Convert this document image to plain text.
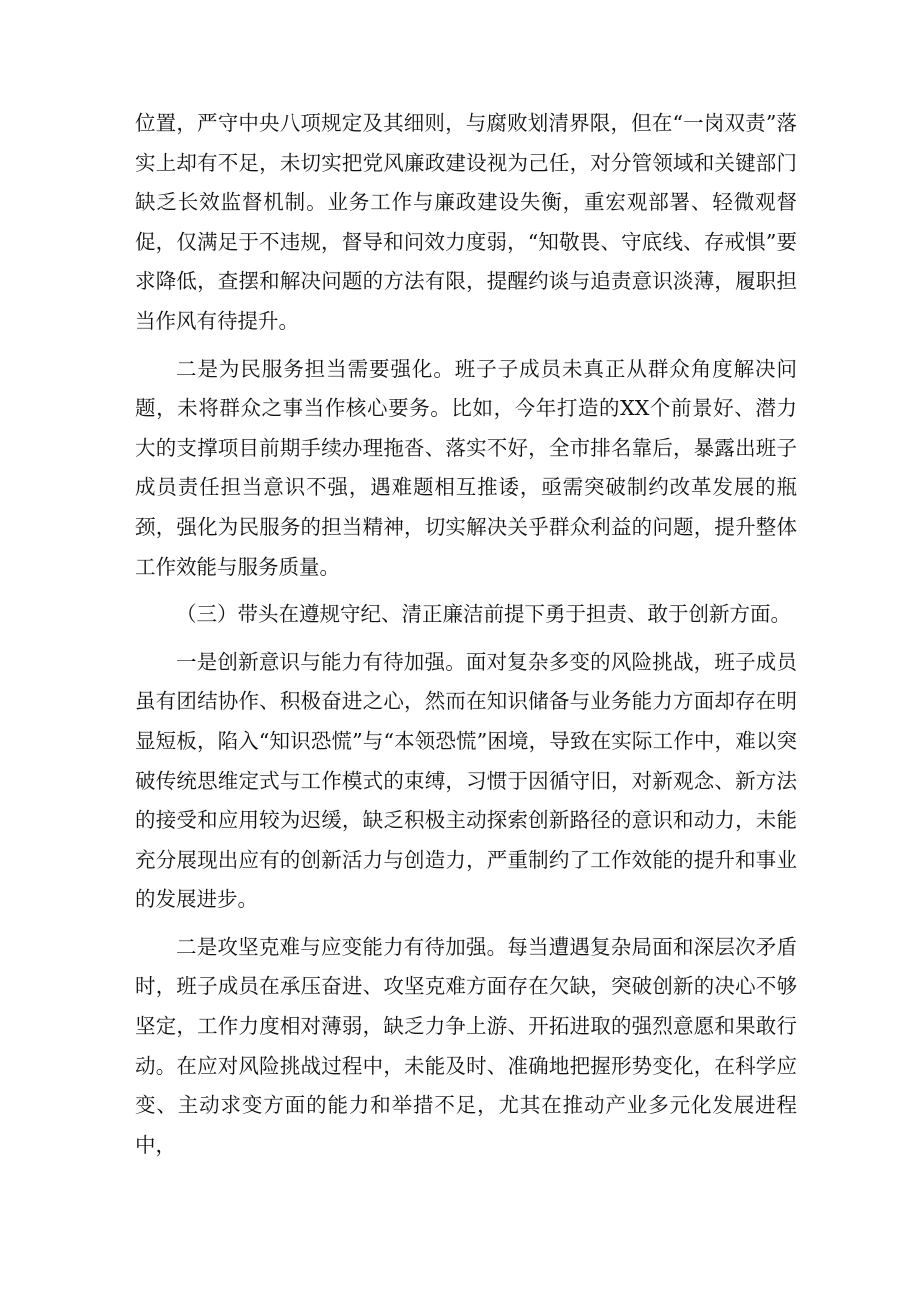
位置，严守中央八项规定及其细则，与腐败划清界限，但在“一岗双责”落实上却有不足，未切实把党风廉政建设视为己任，对分管领域和关键部门缺乏长效监督机制。业务工作与廉政建设失衡，重宏观部署、轻微观督促，仅满足于不违规，督导和问效力度弱，“知敬畏、守底线、存戒惧”要求降低，查摆和解决问题的方法有限，提醒约谈与追责意识淡薄，履职担当作风有待提升。

二是为民服务担当需要强化。班子子成员未真正从群众角度解决问题，未将群众之事当作核心要务。比如，今年打造的XX个前景好、潜力大的支撑项目前期手续办理拖沓、落实不好，全市排名靠后，暴露出班子成员责任担当意识不强，遇难题相互推诿，亟需突破制约改革发展的瓶颈，强化为民服务的担当精神，切实解决关乎群众利益的问题，提升整体工作效能与服务质量。

（三）带头在遵规守纪、清正廉洁前提下勇于担责、敢于创新方面。

一是创新意识与能力有待加强。面对复杂多变的风险挑战，班子成员虽有团结协作、积极奋进之心，然而在知识储备与业务能力方面却存在明显短板，陷入“知识恐慌”与“本领恐慌”困境，导致在实际工作中，难以突破传统思维定式与工作模式的束缚，习惯于因循守旧，对新观念、新方法的接受和应用较为迟缓，缺乏积极主动探索创新路径的意识和动力，未能充分展现出应有的创新活力与创造力，严重制约了工作效能的提升和事业的发展进步。

二是攻坚克难与应变能力有待加强。每当遭遇复杂局面和深层次矛盾时，班子成员在承压奋进、攻坚克难方面存在欠缺，突破创新的决心不够坚定，工作力度相对薄弱，缺乏力争上游、开拓进取的强烈意愿和果敢行动。在应对风险挑战过程中，未能及时、准确地把握形势变化，在科学应变、主动求变方面的能力和举措不足，尤其在推动产业多元化发展进程中，
